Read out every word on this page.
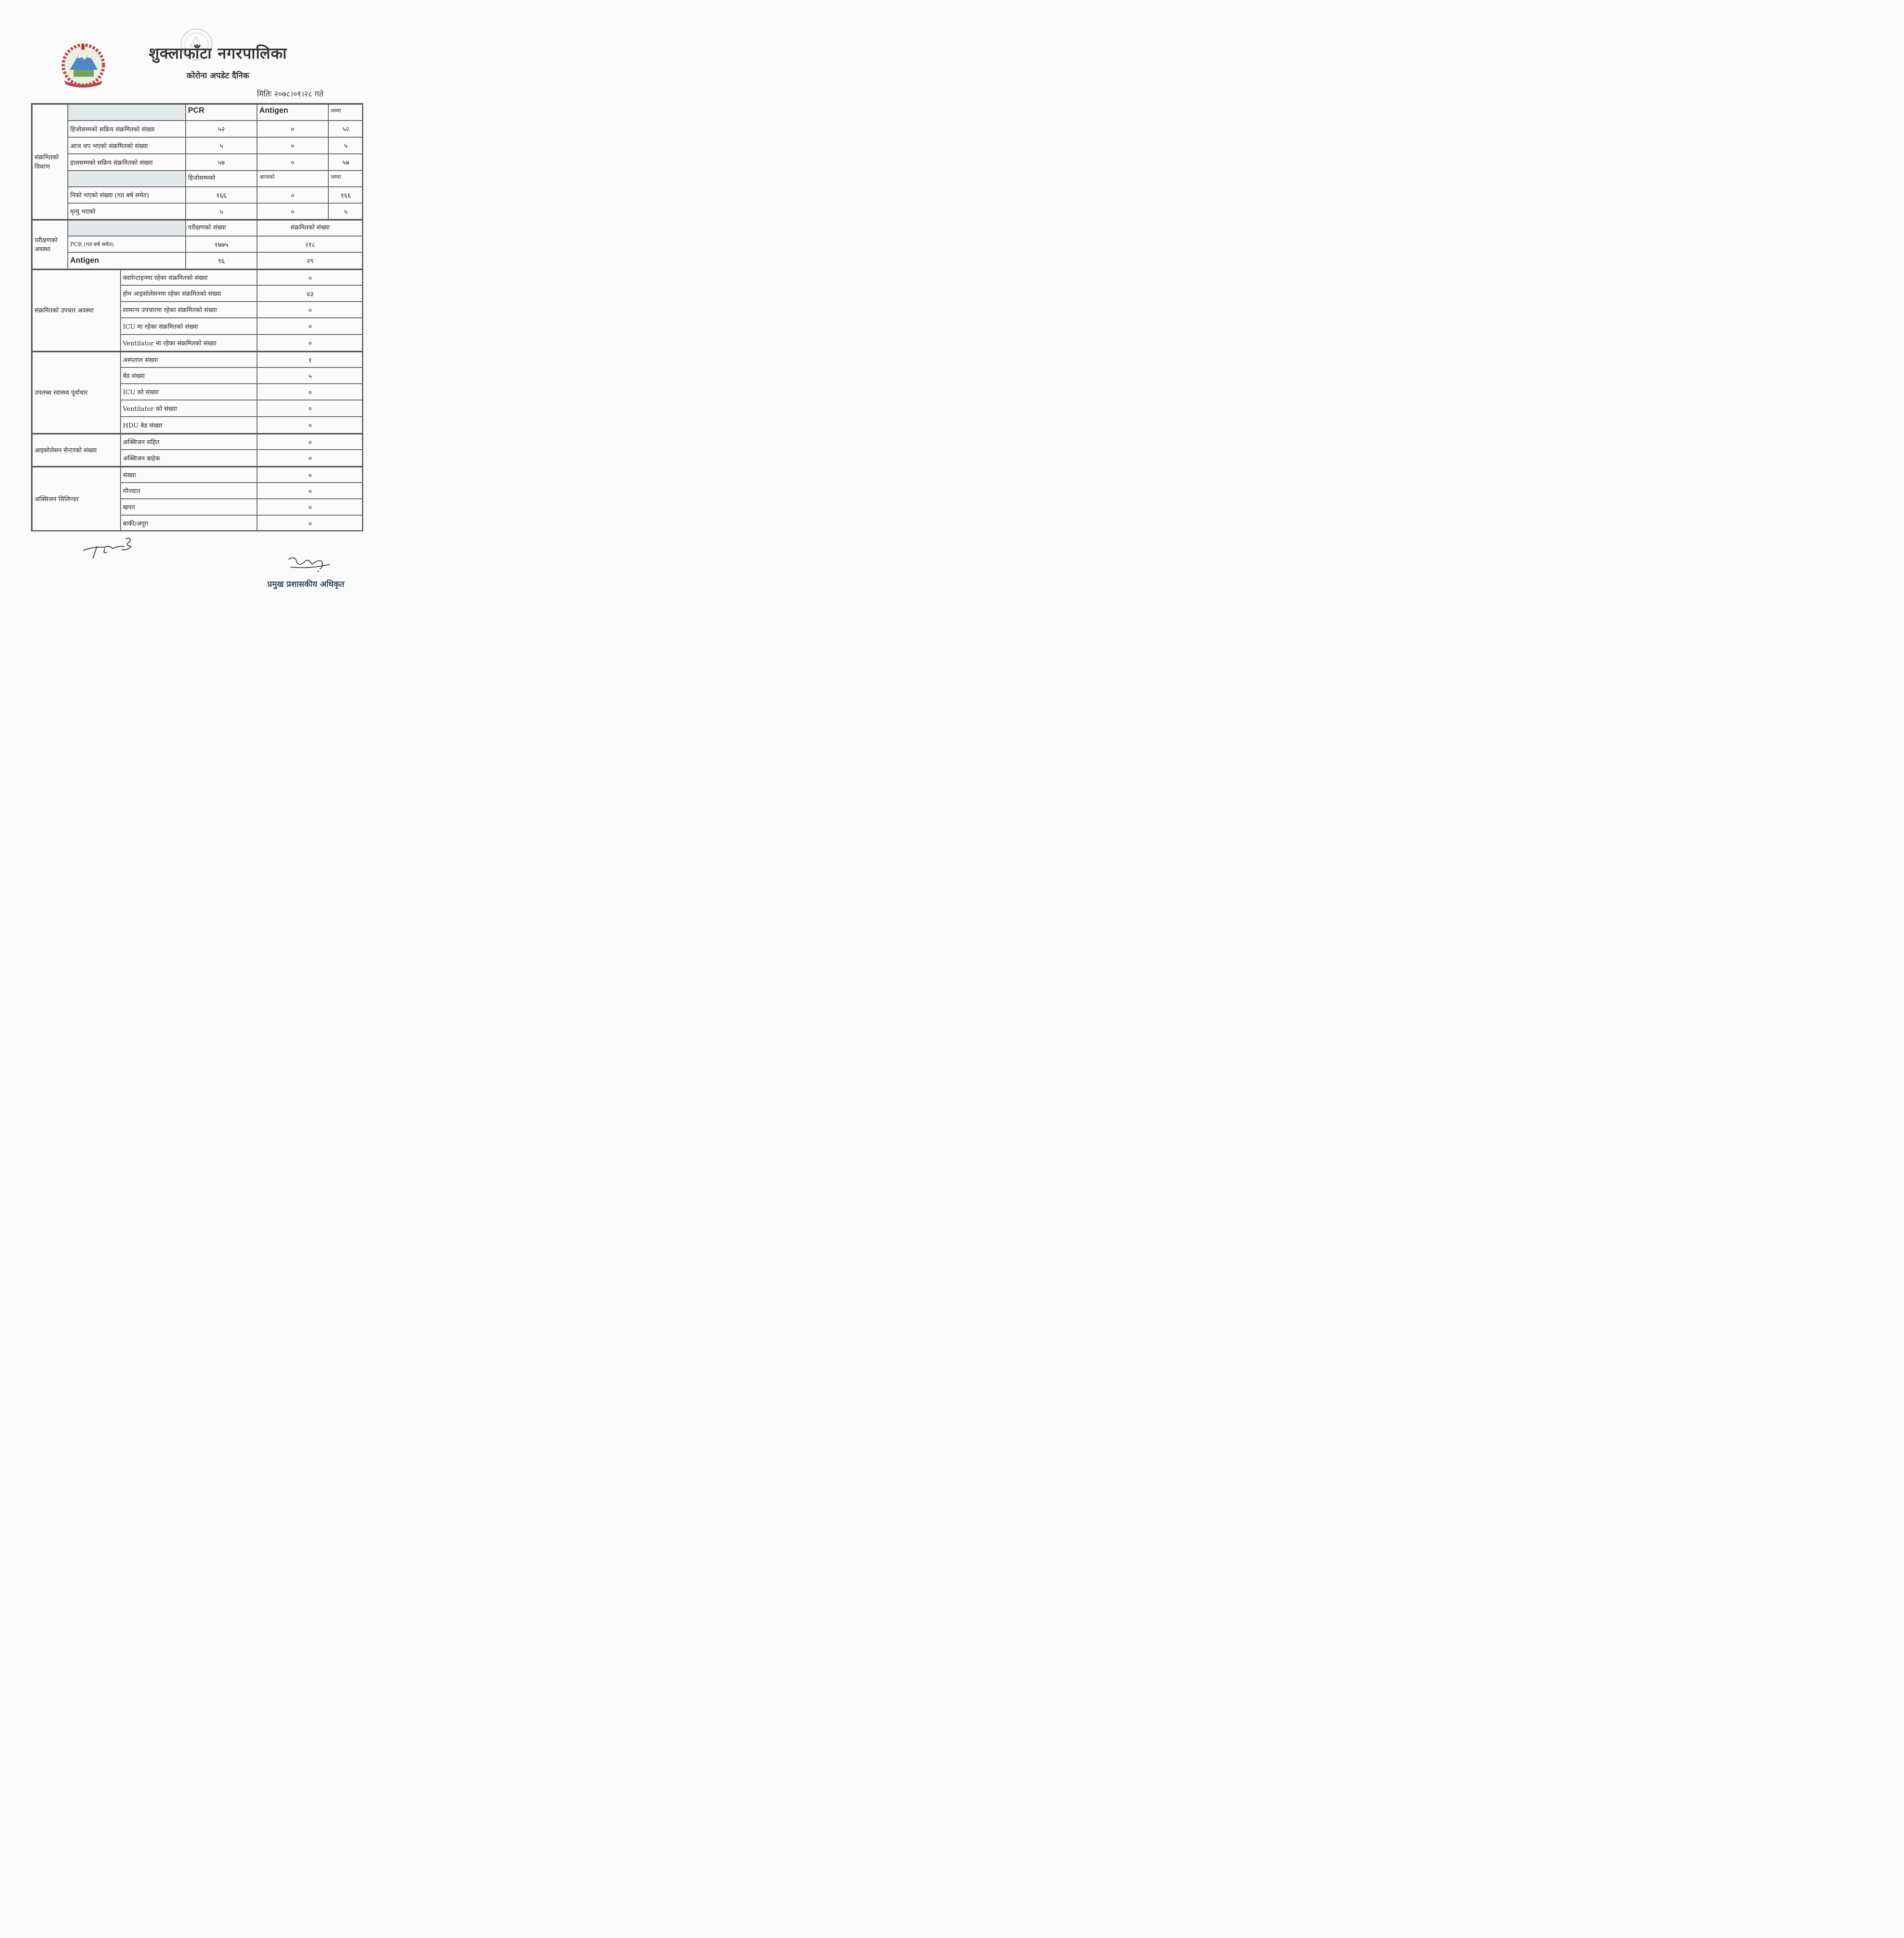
शुक्लाफाँटा नगरपालिका
कोरोना अपडेट दैनिक
मितिः २०७८।०१।२८ गते
संक्रमितको विवरण
PCR	Antigen	जम्मा
हिजोसम्मको सक्रिय संक्रमितको संख्या	५२	०	५२
आज थप भएको संक्रमितको संख्या	५	०	५
हालसम्मको सक्रिय संक्रमितको संख्या	५७	०	५७
हिजोसम्मको	आजको	जम्मा
निको भएको संख्या (गत बर्ष समेत)	१६६	०	१६६
मृत्यु भएको	५	०	५
परीक्षणको अवस्था
परीक्षणको संख्या	संक्रमितको संख्या
PCR (गत बर्ष समेत)	१७७५	२१८
Antigen	९६	२९
संक्रमितको उपचार अवस्था
क्वारेन्टाइनमा रहेका संक्रमितको संख्या	०
होम आइसोलेसनमा रहेका संक्रमितको संख्या	४३
सामान्य उपचारमा रहेका संक्रमितको संख्या	०
ICU मा रहेका संक्रमितको संख्या	०
Ventilator मा रहेका संक्रमितको संख्या	०
उपलब्ध स्वास्थ्य पूर्वाधार
अस्पताल संख्या	१
बेड संख्या	५
ICU को संख्या	०
Ventilator को संख्या	०
HDU बेड संख्या	०
आइसोलेसन सेन्टरको संख्या
अक्सिजन सहित	०
अक्सिजन बाहेक	०
अक्सिजन सिलिण्डर
संख्या	०
मौज्दात	०
खपत	०
बाकी/अपुग	०
प्रमुख प्रशासकीय अधिकृत
